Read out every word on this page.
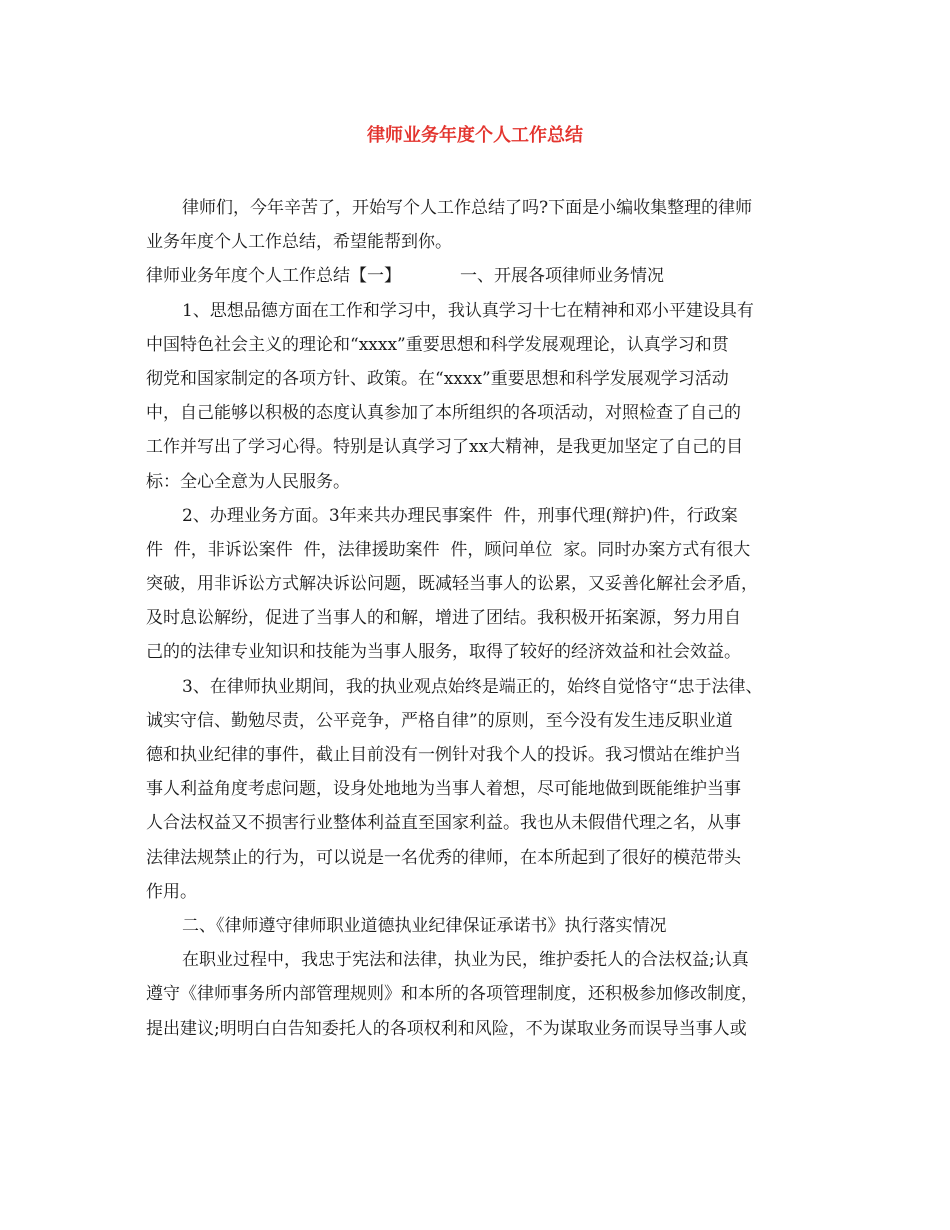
律师业务年度个人工作总结
律师们，今年辛苦了，开始写个人工作总结了吗?下面是小编收集整理的律师
业务年度个人工作总结，希望能帮到你。
律师业务年度个人工作总结【一】	一、开展各项律师业务情况
1、思想品德方面在工作和学习中，我认真学习十七在精神和邓小平建设具有
中国特色社会主义的理论和“xxxx”重要思想和科学发展观理论，认真学习和贯
彻党和国家制定的各项方针、政策。在“xxxx”重要思想和科学发展观学习活动
中，自己能够以积极的态度认真参加了本所组织的各项活动，对照检查了自己的
工作并写出了学习心得。特别是认真学习了xx大精神，是我更加坚定了自己的目
标：全心全意为人民服务。
2、办理业务方面。3年来共办理民事案件  件，刑事代理(辩护)件，行政案
件  件，非诉讼案件  件，法律援助案件  件，顾问单位  家。同时办案方式有很大
突破，用非诉讼方式解决诉讼问题，既减轻当事人的讼累，又妥善化解社会矛盾，
及时息讼解纷，促进了当事人的和解，增进了团结。我积极开拓案源，努力用自
己的的法律专业知识和技能为当事人服务，取得了较好的经济效益和社会效益。
3、在律师执业期间，我的执业观点始终是端正的，始终自觉恪守“忠于法律、
诚实守信、勤勉尽责，公平竞争，严格自律”的原则，至今没有发生违反职业道
德和执业纪律的事件，截止目前没有一例针对我个人的投诉。我习惯站在维护当
事人利益角度考虑问题，设身处地地为当事人着想，尽可能地做到既能维护当事
人合法权益又不损害行业整体利益直至国家利益。我也从未假借代理之名，从事
法律法规禁止的行为，可以说是一名优秀的律师，在本所起到了很好的模范带头
作用。
二、《律师遵守律师职业道德执业纪律保证承诺书》执行落实情况
在职业过程中，我忠于宪法和法律，执业为民，维护委托人的合法权益;认真
遵守《律师事务所内部管理规则》和本所的各项管理制度，还积极参加修改制度，
提出建议;明明白白告知委托人的各项权利和风险，不为谋取业务而误导当事人或
